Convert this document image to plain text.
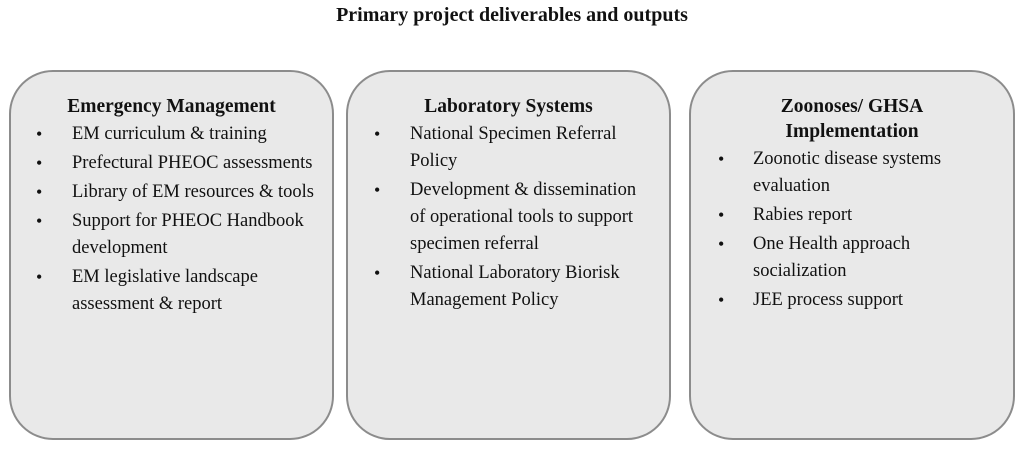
Primary project deliverables and outputs
Emergency Management
• EM curriculum & training
• Prefectural PHEOC assessments
• Library of EM resources & tools
• Support for PHEOC Handbook development
• EM legislative landscape assessment & report
Laboratory Systems
• National Specimen Referral Policy
• Development & dissemination of operational tools to support specimen referral
• National Laboratory Biorisk Management Policy
Zoonoses/ GHSA
Implementation
• Zoonotic disease systems evaluation
• Rabies report
• One Health approach socialization
• JEE process support
